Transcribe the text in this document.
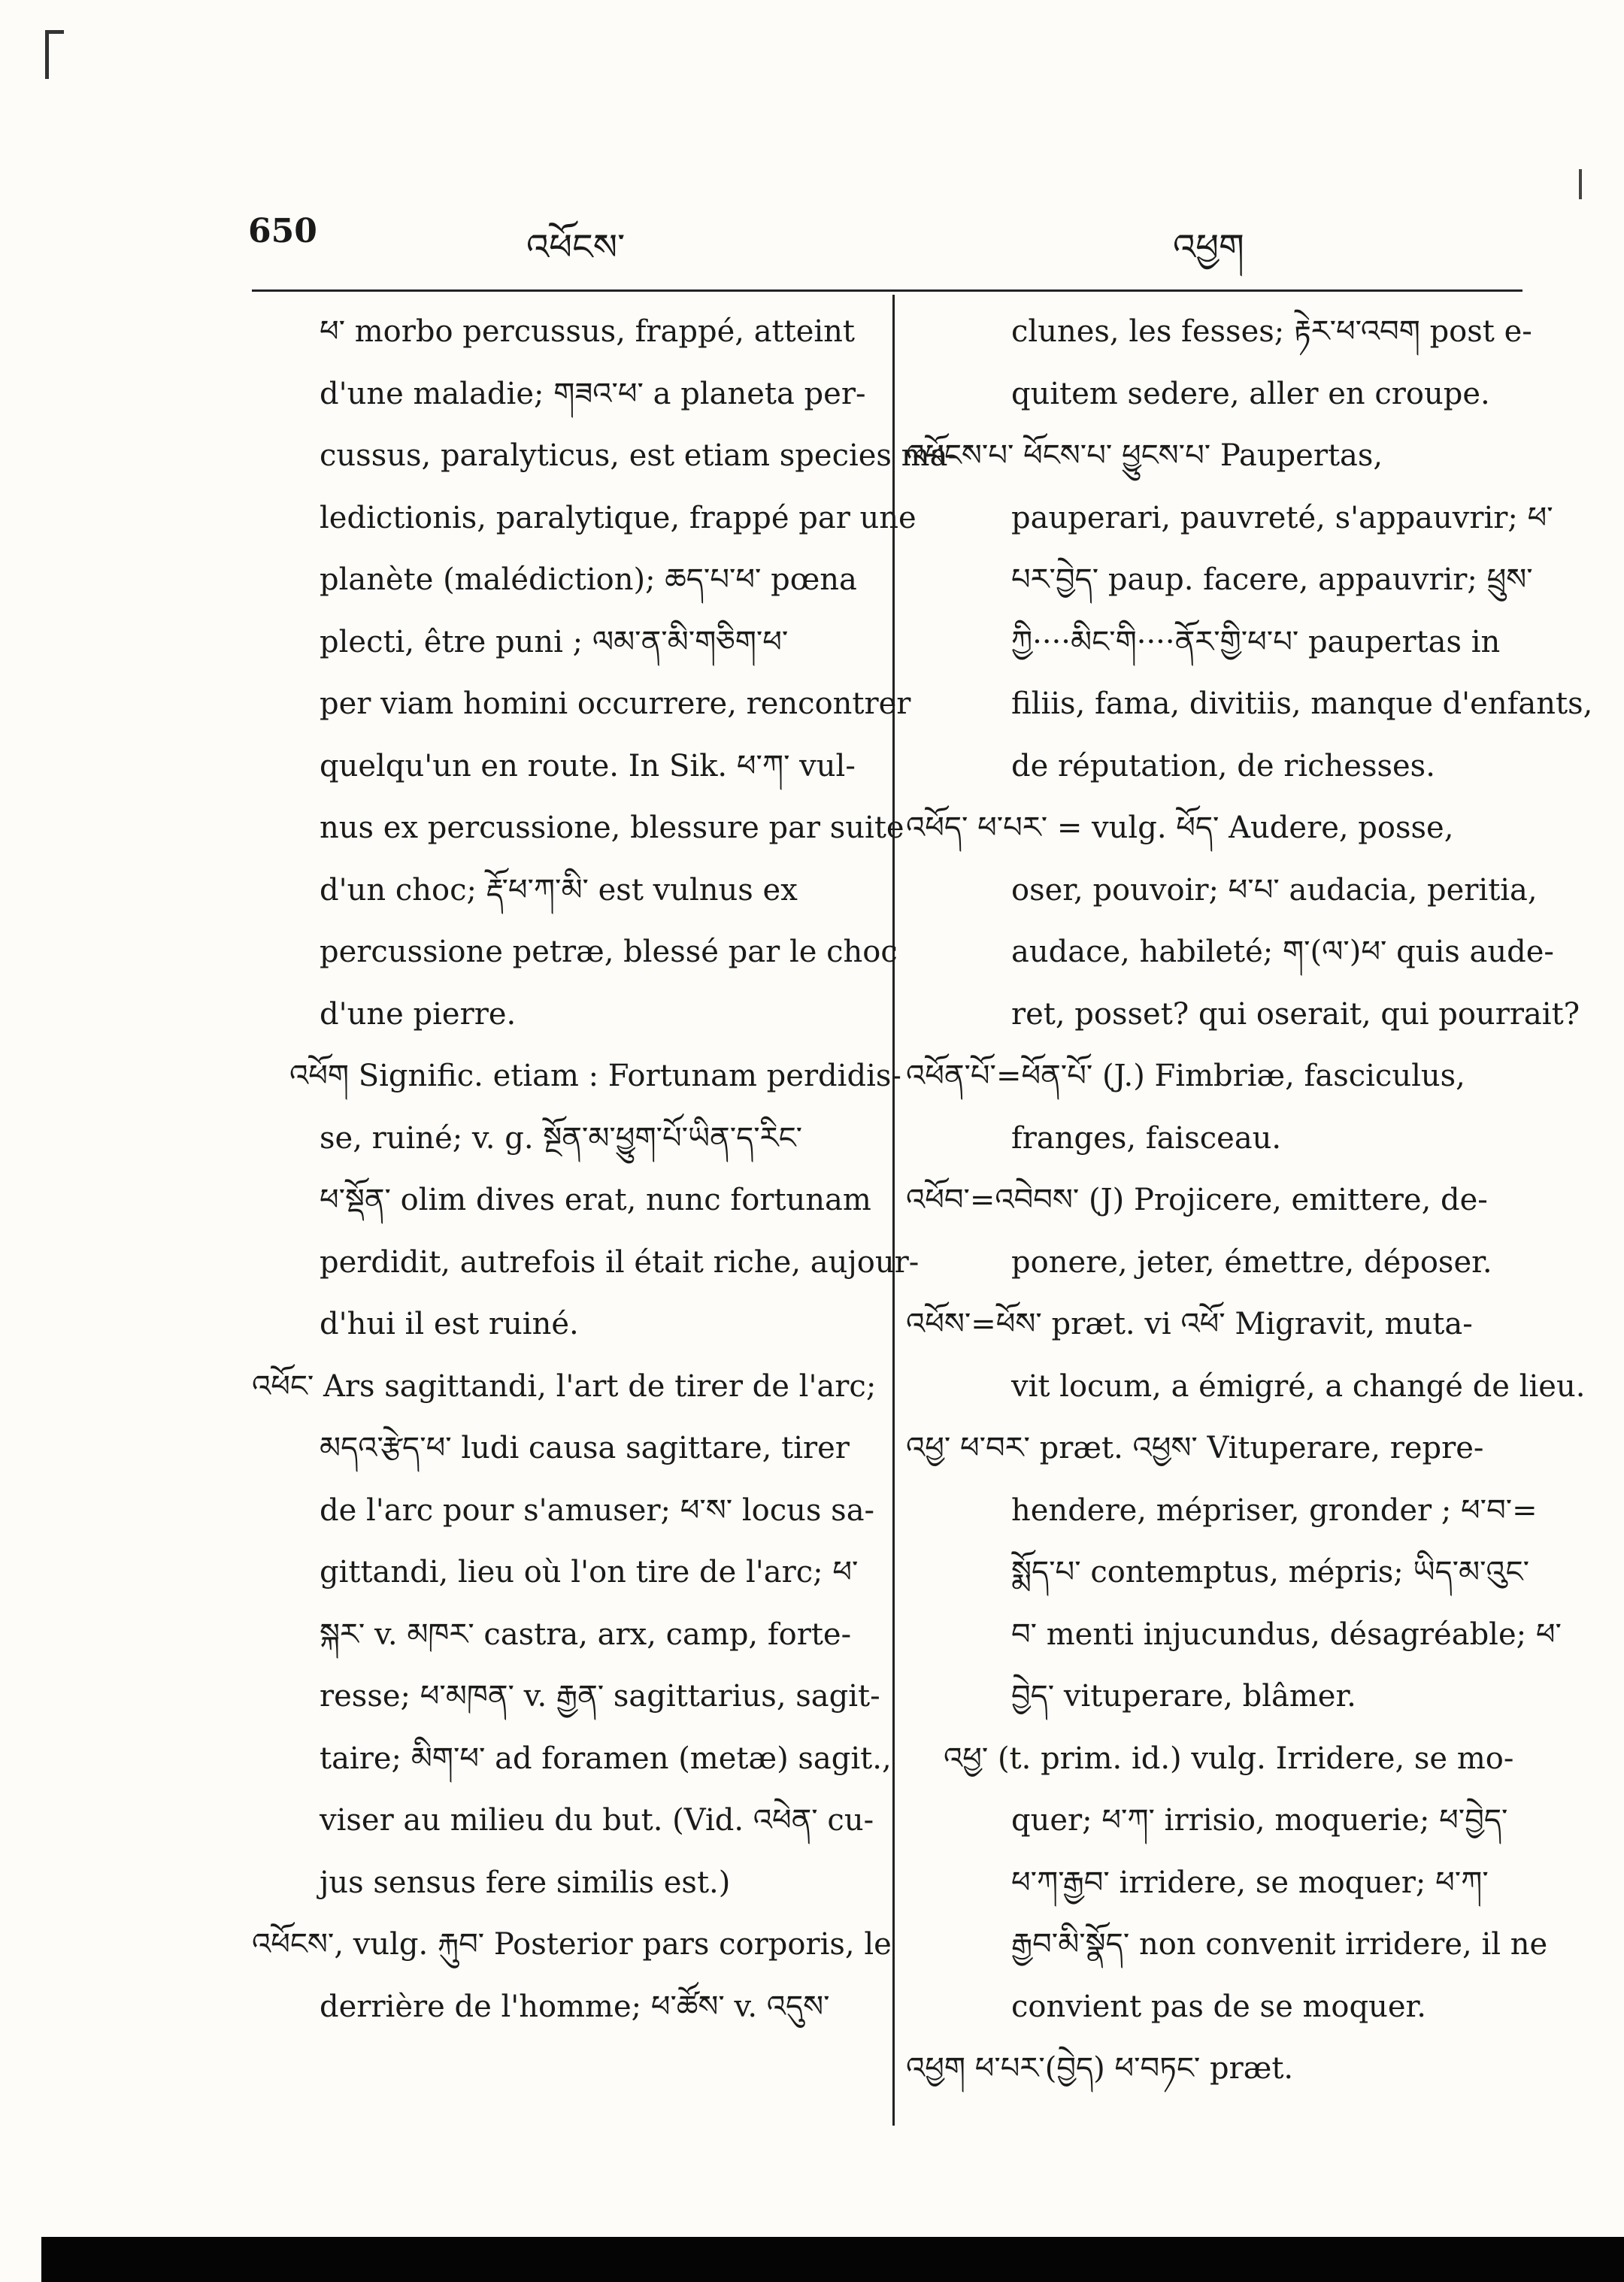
650	འཕོངས་	འཕྱག
ཕ་ morbo percussus, frappé, atteint
d'une maladie; གཟའ་ཕ་ a planeta per-
cussus, paralyticus, est etiam species ma-
ledictionis, paralytique, frappé par une
planète (malédiction); ཆད་པ་ཕ་ pœna
plecti, être puni ; ལམ་ན་མི་གཅིག་ཕ་
per viam homini occurrere, rencontrer
quelqu'un en route. In Sik. ཕ་ཀ་ vul-
nus ex percussione, blessure par suite
d'un choc; རྡོ་ཕ་ཀ་མི་ est vulnus ex
percussione petræ, blessé par le choc
d'une pierre.
འཕོག Signific. etiam : Fortunam perdidis-
se, ruiné; v. g. སྔོན་མ་ཕྱུག་པོ་ཡིན་ད་རིང་
ཕ་སྡོན་ olim dives erat, nunc fortunam
perdidit, autrefois il était riche, aujour-
d'hui il est ruiné.
འཕོང་ Ars sagittandi, l'art de tirer de l'arc;
མདའ་རྩེད་ཕ་ ludi causa sagittare, tirer
de l'arc pour s'amuser; ཕ་ས་ locus sa-
gittandi, lieu où l'on tire de l'arc; ཕ་
སྐར་ v. མཁར་ castra, arx, camp, forte-
resse; ཕ་མཁན་ v. རྒྱན་ sagittarius, sagit-
taire; མིག་ཕ་ ad foramen (metæ) sagit.,
viser au milieu du but. (Vid. འཕེན་ cu-
jus sensus fere similis est.)
འཕོངས་, vulg. རྐུབ་ Posterior pars corporis, le
derrière de l'homme; ཕ་ཚོས་ v. འདུས་
clunes, les fesses; རྟེར་ཕ་འབག post e-
quitem sedere, aller en croupe.
འཕོངས་པ་ ཕོངས་པ་ ཕྱུངས་པ་ Paupertas,
pauperari, pauvreté, s'appauvrir; ཕ་
པར་བྱེད་ paup. facere, appauvrir; ཕྲུས་
ཀྱི····མིང་གི····ནོར་གྱི་ཕ་པ་ paupertas in
filiis, fama, divitiis, manque d'enfants,
de réputation, de richesses.
འཕོད་ ཕ་པར་ = vulg. ཕོད་ Audere, posse,
oser, pouvoir; ཕ་པ་ audacia, peritia,
audace, habileté; ག་(ལ་)ཕ་ quis aude-
ret, posset? qui oserait, qui pourrait?
འཕོན་པོ་=ཕོན་པོ་ (J.) Fimbriæ, fasciculus,
franges, faisceau.
འཕོབ་=འབེབས་ (J) Projicere, emittere, de-
ponere, jeter, émettre, déposer.
འཕོས་=ཕོས་ præt. vi འཕོ་ Migravit, muta-
vit locum, a émigré, a changé de lieu.
འཕྱ་ ཕ་བར་ præt. འཕྱས་ Vituperare, repre-
hendere, mépriser, gronder ; ཕ་བ་=
སྨོད་པ་ contemptus, mépris; ཡིད་མ་འུང་
བ་ menti injucundus, désagréable; ཕ་
བྱེད་ vituperare, blâmer.
འཕྱ་ (t. prim. id.) vulg. Irridere, se mo-
quer; ཕ་ཀ་ irrisio, moquerie; ཕ་བྱེད་
ཕ་ཀ་རྒྱབ་ irridere, se moquer; ཕ་ཀ་
རྒྱབ་མི་སྣོད་ non convenit irridere, il ne
convient pas de se moquer.
འཕྱག ཕ་པར་(བྱེད) ཕ་བཏང་ præt.
